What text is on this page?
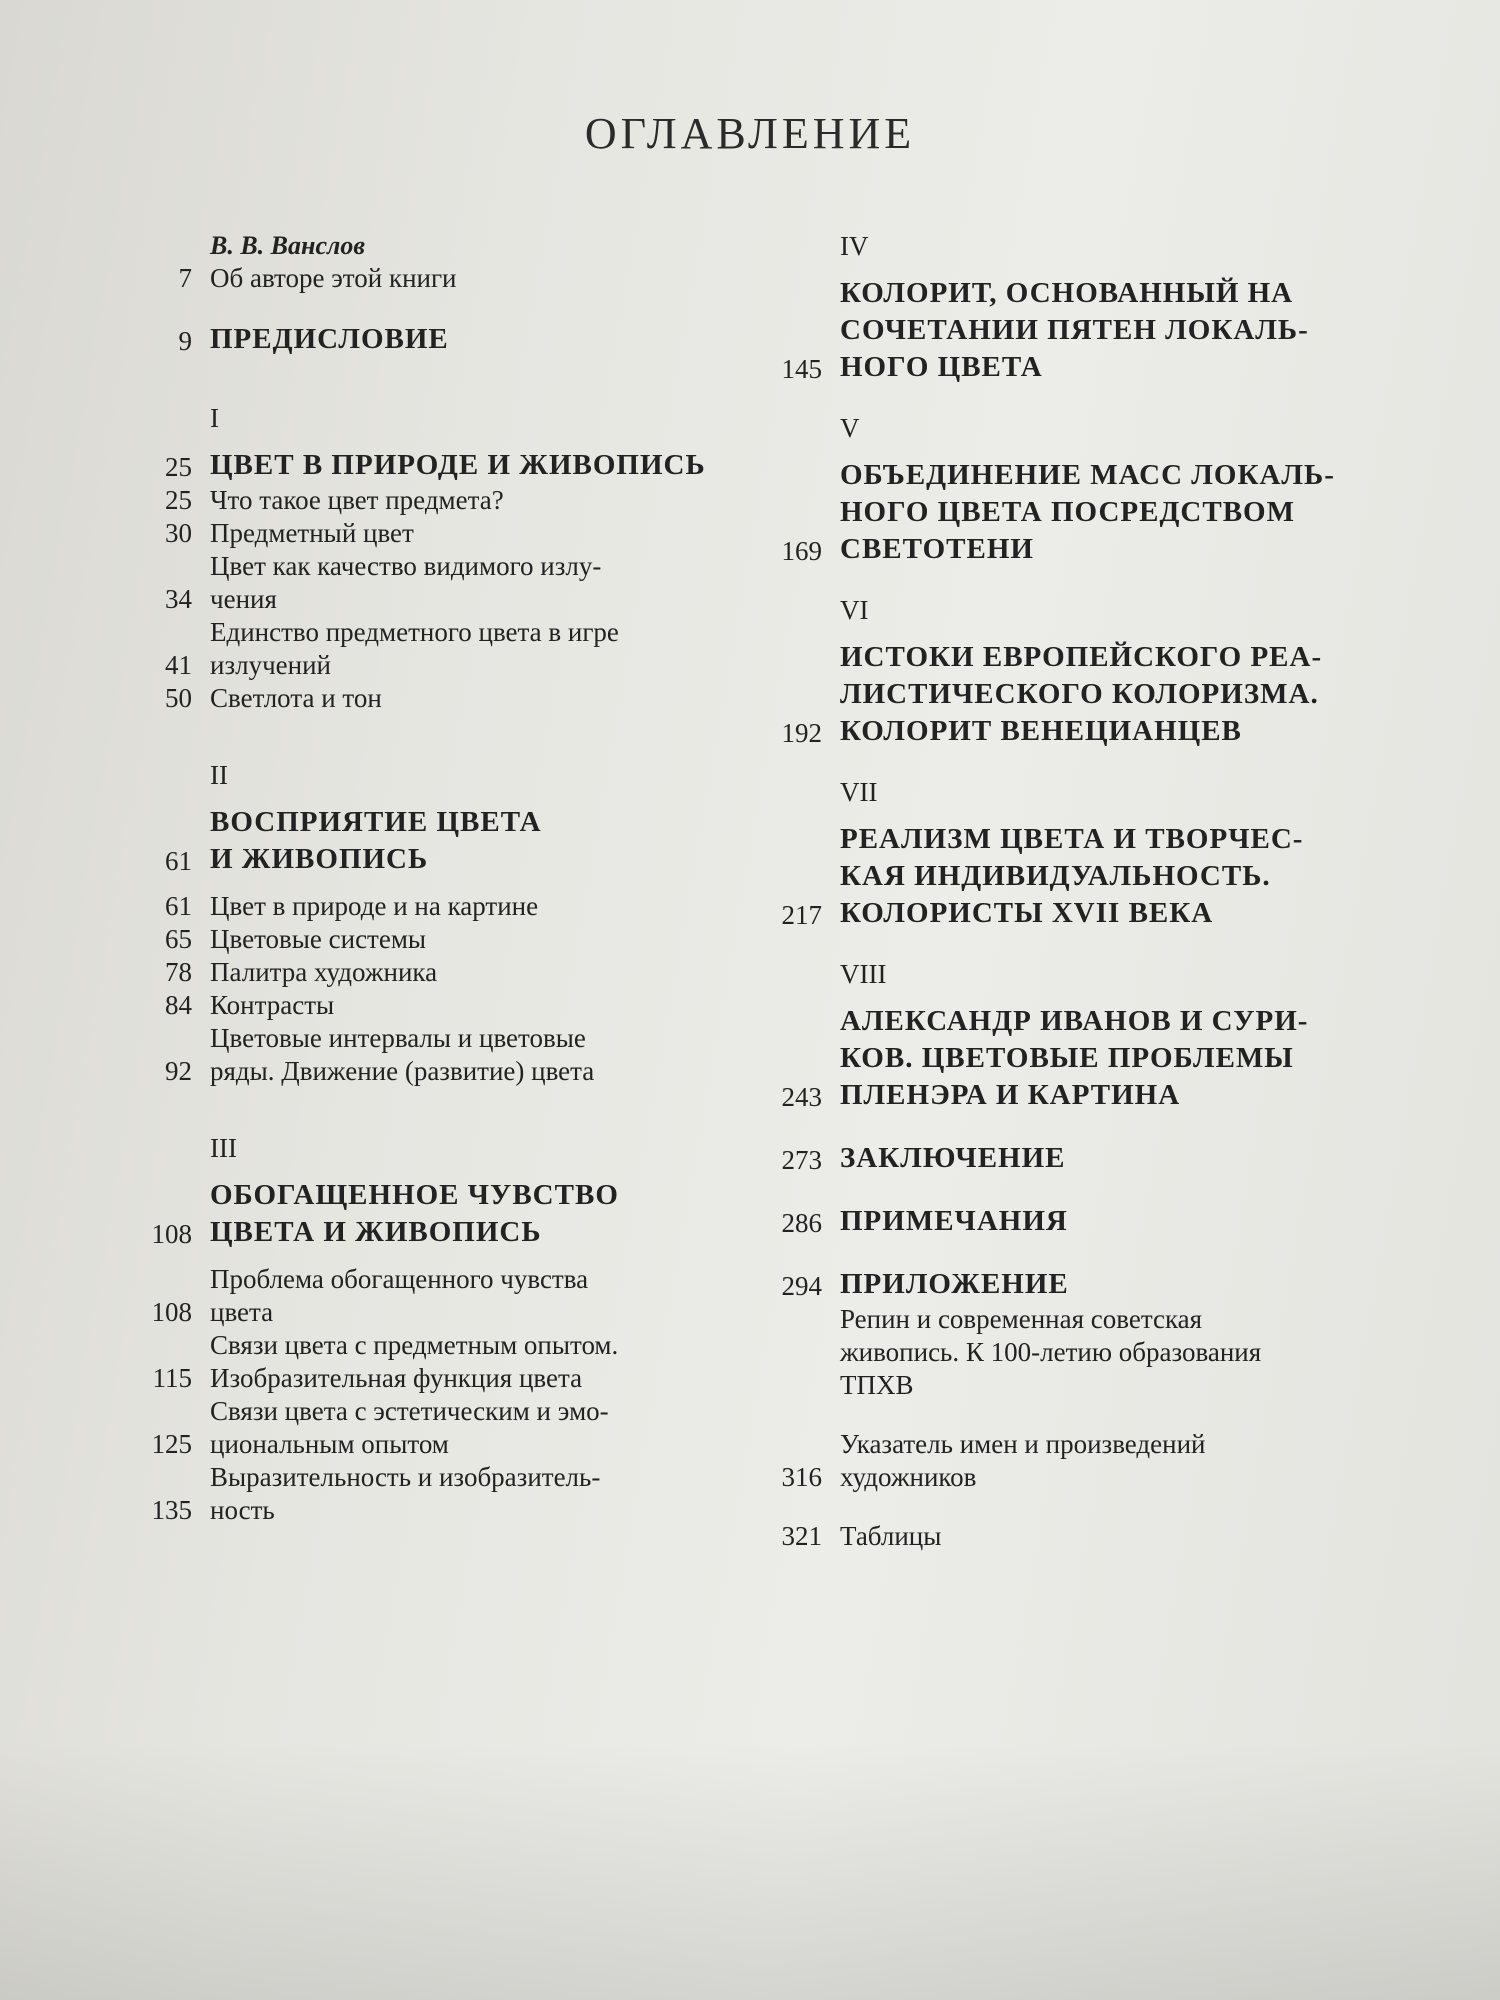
ОГЛАВЛЕНИЕ
В. В. Ванслов
7 Об авторе этой книги
9 ПРЕДИСЛОВИЕ
I
25 ЦВЕТ В ПРИРОДЕ И ЖИВОПИСЬ
25 Что такое цвет предмета?
30 Предметный цвет
34
Цвет как качество видимого излу-
чения
41
Единство предметного цвета в игре
излучений
50 Светлота и тон
II
61
ВОСПРИЯТИЕ ЦВЕТА
И ЖИВОПИСЬ
61 Цвет в природе и на картине
65 Цветовые системы
78 Палитра художника
84 Контрасты
92
Цветовые интервалы и цветовые
ряды. Движение (развитие) цвета
III
108
ОБОГАЩЕННОЕ ЧУВСТВО
ЦВЕТА И ЖИВОПИСЬ
108
Проблема обогащенного чувства
цвета
115
Связи цвета с предметным опытом.
Изобразительная функция цвета
125
Связи цвета с эстетическим и эмо-
циональным опытом
135
Выразительность и изобразитель-
ность
IV
145
КОЛОРИТ, ОСНОВАННЫЙ НА
СОЧЕТАНИИ ПЯТЕН ЛОКАЛЬ-
НОГО ЦВЕТА
V
169
ОБЪЕДИНЕНИЕ МАСС ЛОКАЛЬ-
НОГО ЦВЕТА ПОСРЕДСТВОМ
СВЕТОТЕНИ
VI
192
ИСТОКИ ЕВРОПЕЙСКОГО РЕА-
ЛИСТИЧЕСКОГО КОЛОРИЗМА.
КОЛОРИТ ВЕНЕЦИАНЦЕВ
VII
217
РЕАЛИЗМ ЦВЕТА И ТВОРЧЕС-
КАЯ ИНДИВИДУАЛЬНОСТЬ.
КОЛОРИСТЫ XVII ВЕКА
VIII
243
АЛЕКСАНДР ИВАНОВ И СУРИ-
КОВ. ЦВЕТОВЫЕ ПРОБЛЕМЫ
ПЛЕНЭРА И КАРТИНА
273 ЗАКЛЮЧЕНИЕ
286 ПРИМЕЧАНИЯ
294 ПРИЛОЖЕНИЕ
Репин и современная советская
живопись. К 100-летию образования
ТПХВ
316
Указатель имен и произведений
художников
321 Таблицы
